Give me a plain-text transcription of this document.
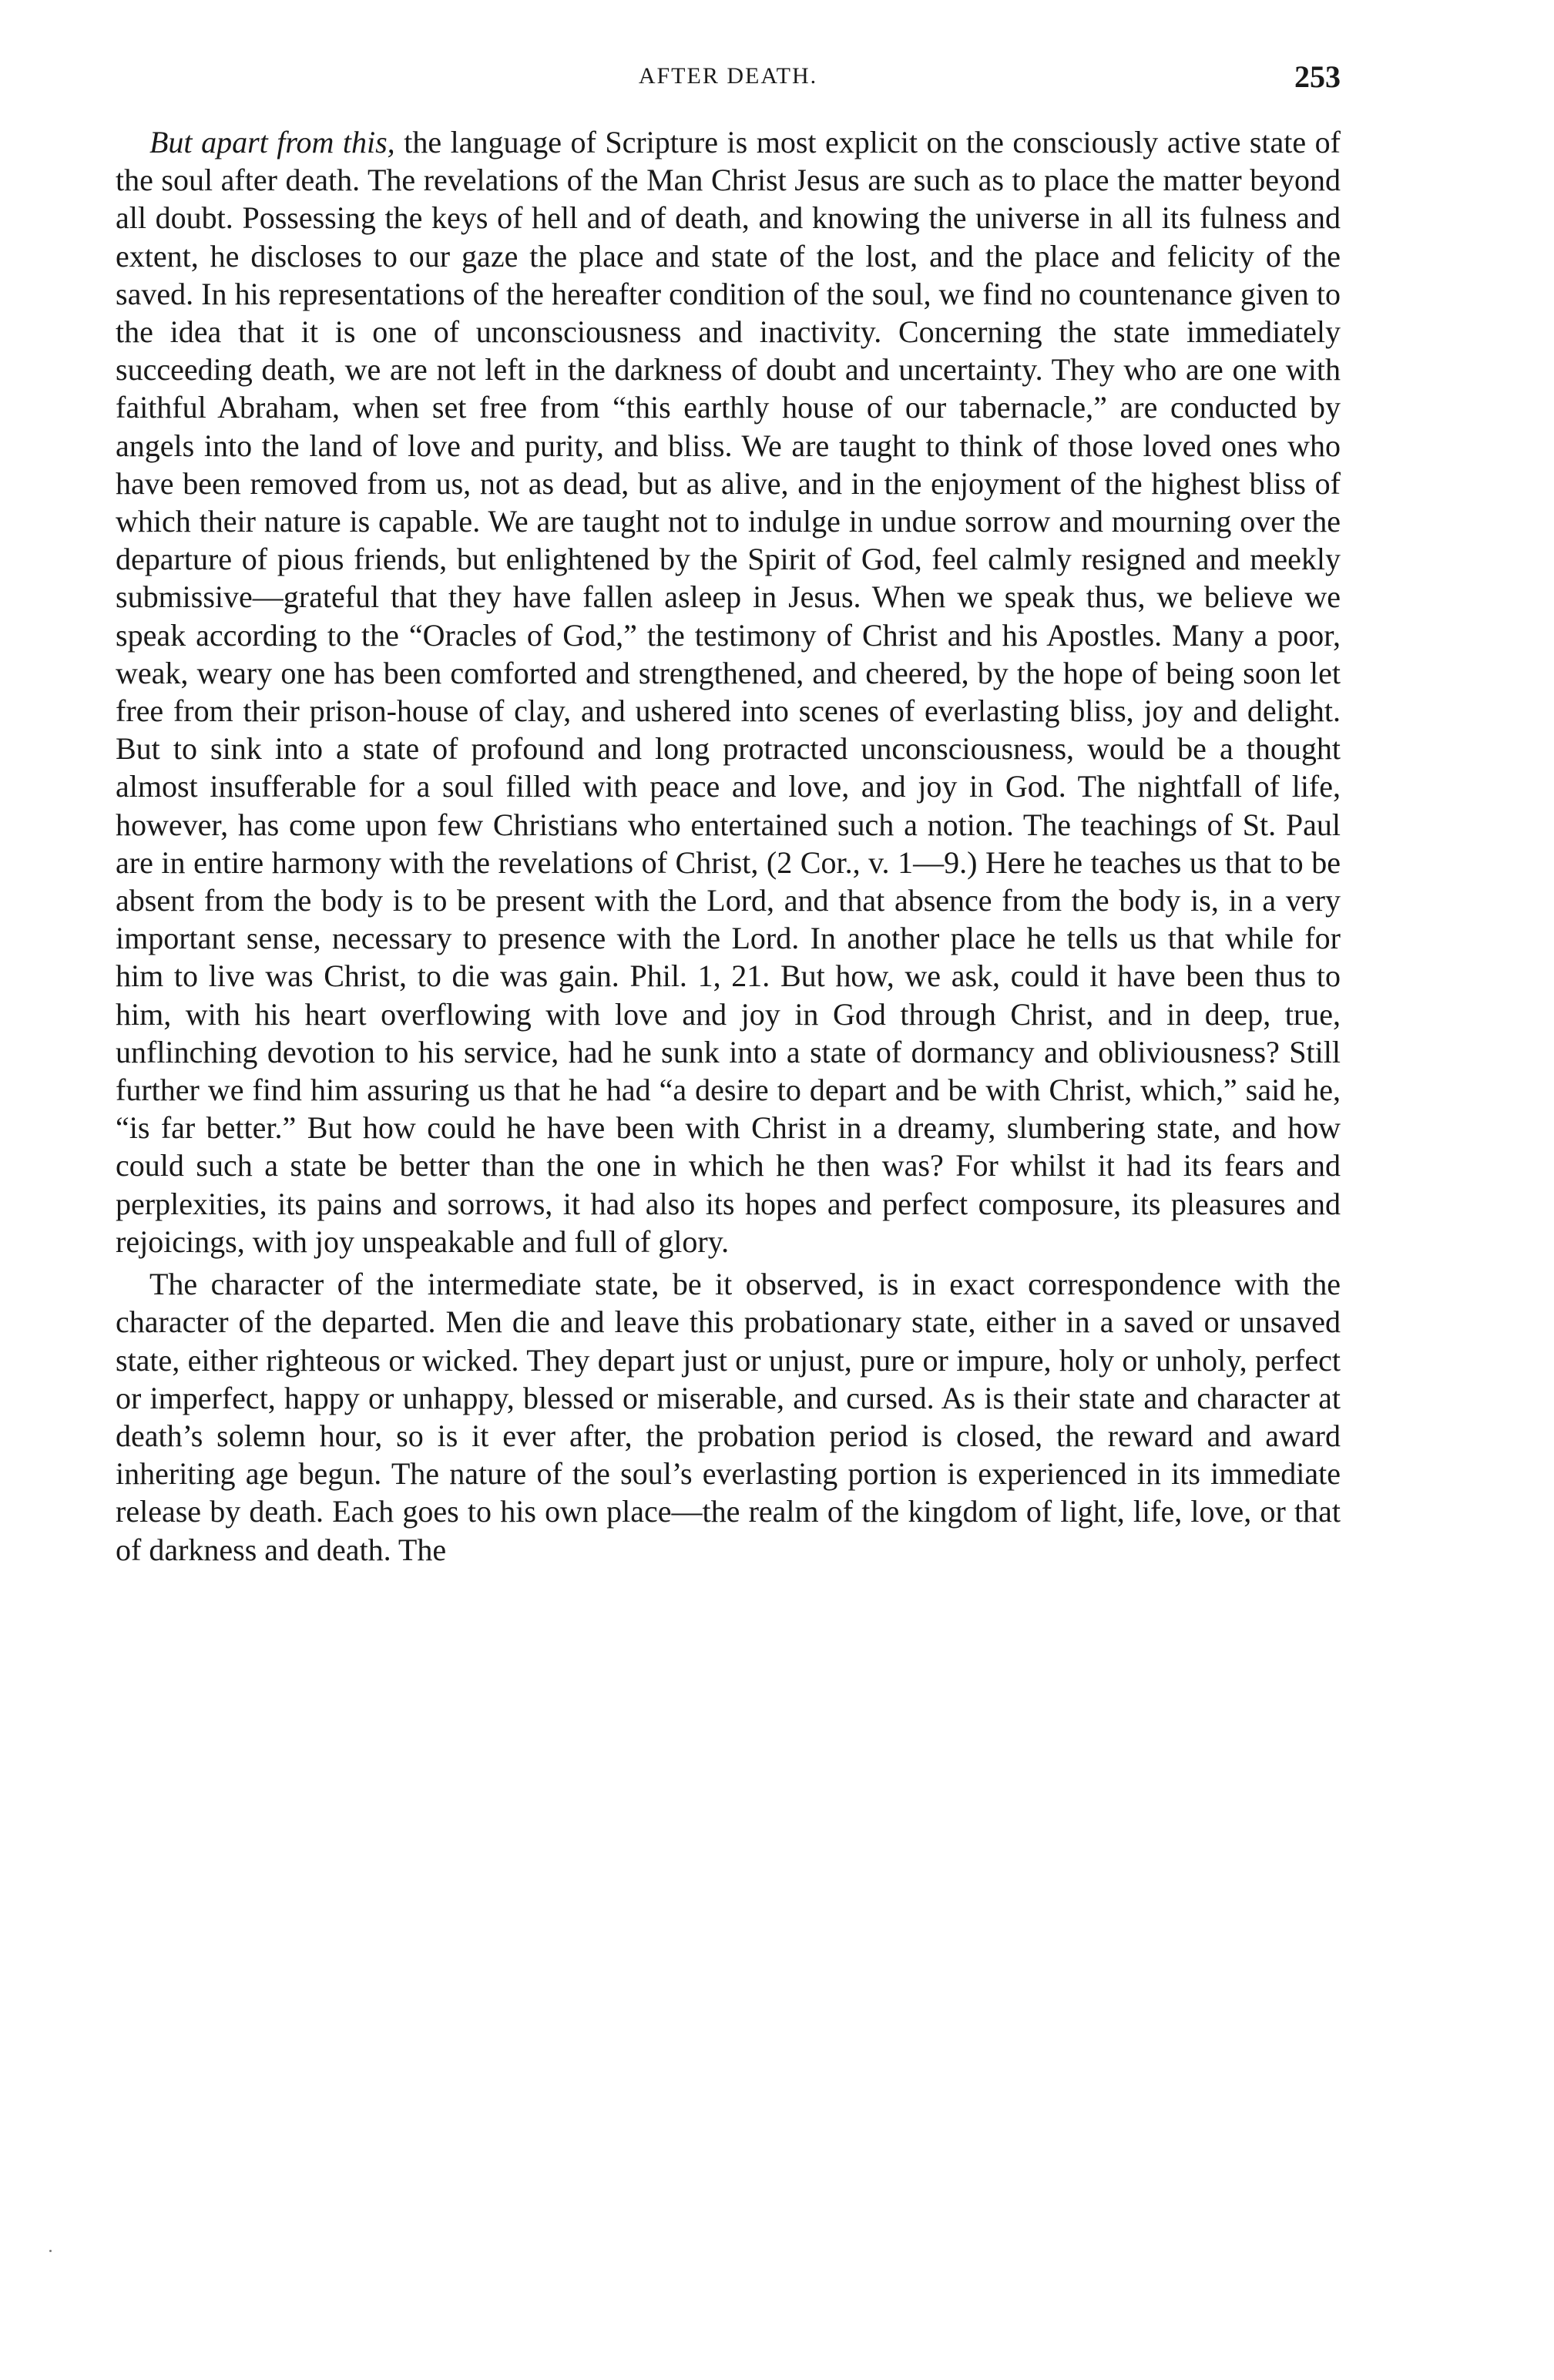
AFTER DEATH.	253

But apart from this, the language of Scripture is most explicit on the consciously active state of the soul after death. The revelations of the Man Christ Jesus are such as to place the matter beyond all doubt. Possessing the keys of hell and of death, and knowing the universe in all its fulness and extent, he discloses to our gaze the place and state of the lost, and the place and felicity of the saved. In his representations of the hereafter condition of the soul, we find no countenance given to the idea that it is one of unconsciousness and inactivity. Concerning the state immediately succeeding death, we are not left in the darkness of doubt and uncertainty. They who are one with faithful Abraham, when set free from “this earthly house of our tabernacle,” are conducted by angels into the land of love and purity, and bliss. We are taught to think of those loved ones who have been removed from us, not as dead, but as alive, and in the enjoyment of the highest bliss of which their nature is capable. We are taught not to indulge in undue sorrow and mourning over the departure of pious friends, but enlightened by the Spirit of God, feel calmly resigned and meekly submissive—grateful that they have fallen asleep in Jesus. When we speak thus, we believe we speak according to the “Oracles of God,” the testimony of Christ and his Apostles. Many a poor, weak, weary one has been comforted and strengthened, and cheered, by the hope of being soon let free from their prison-house of clay, and ushered into scenes of everlasting bliss, joy and delight. But to sink into a state of profound and long protracted unconsciousness, would be a thought almost insufferable for a soul filled with peace and love, and joy in God. The nightfall of life, however, has come upon few Christians who entertained such a notion. The teachings of St. Paul are in entire harmony with the revelations of Christ, (2 Cor., v. 1—9.) Here he teaches us that to be absent from the body is to be present with the Lord, and that absence from the body is, in a very important sense, necessary to presence with the Lord. In another place he tells us that while for him to live was Christ, to die was gain. Phil. 1, 21. But how, we ask, could it have been thus to him, with his heart overflowing with love and joy in God through Christ, and in deep, true, unflinching devotion to his service, had he sunk into a state of dormancy and obliviousness? Still further we find him assuring us that he had “a desire to depart and be with Christ, which,” said he, “is far better.” But how could he have been with Christ in a dreamy, slumbering state, and how could such a state be better than the one in which he then was? For whilst it had its fears and perplexities, its pains and sorrows, it had also its hopes and perfect composure, its pleasures and rejoicings, with joy unspeakable and full of glory.

The character of the intermediate state, be it observed, is in exact correspondence with the character of the departed. Men die and leave this probationary state, either in a saved or unsaved state, either righteous or wicked. They depart just or unjust, pure or impure, holy or unholy, perfect or imperfect, happy or unhappy, blessed or miserable, and cursed. As is their state and character at death’s solemn hour, so is it ever after, the probation period is closed, the reward and award inheriting age begun. The nature of the soul’s everlasting portion is experienced in its immediate release by death. Each goes to his own place—the realm of the kingdom of light, life, love, or that of darkness and death. The
